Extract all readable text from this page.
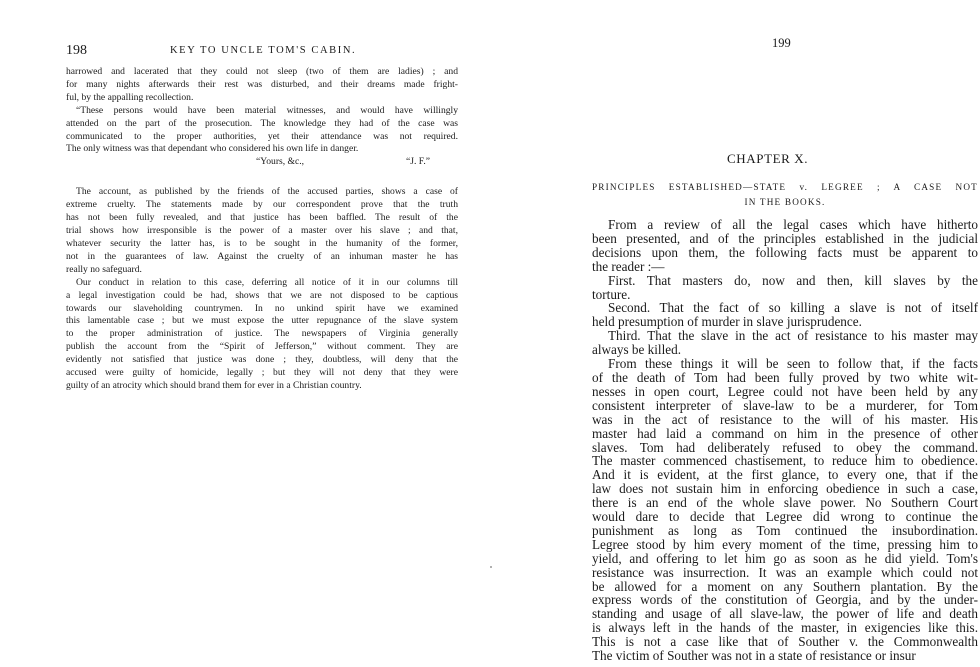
198	KEY TO UNCLE TOM'S CABIN.
harrowed and lacerated that they could not sleep (two of them are ladies) ; and
for many nights afterwards their rest was disturbed, and their dreams made fright-
ful, by the appalling recollection.
“These persons would have been material witnesses, and would have willingly
attended on the part of the prosecution. The knowledge they had of the case was
communicated to the proper authorities, yet their attendance was not required.
The only witness was that dependant who considered his own life in danger.
“Yours, &c.,	“J. F.”
The account, as published by the friends of the accused parties, shows a case of
extreme cruelty. The statements made by our correspondent prove that the truth
has not been fully revealed, and that justice has been baffled. The result of the
trial shows how irresponsible is the power of a master over his slave ; and that,
whatever security the latter has, is to be sought in the humanity of the former,
not in the guarantees of law. Against the cruelty of an inhuman master he has
really no safeguard.
Our conduct in relation to this case, deferring all notice of it in our columns till
a legal investigation could be had, shows that we are not disposed to be captious
towards our slaveholding countrymen. In no unkind spirit have we examined
this lamentable case ; but we must expose the utter repugnance of the slave system
to the proper administration of justice. The newspapers of Virginia generally
publish the account from the “Spirit of Jefferson,” without comment. They are
evidently not satisfied that justice was done ; they, doubtless, will deny that the
accused were guilty of homicide, legally ; but they will not deny that they were
guilty of an atrocity which should brand them for ever in a Christian country.
199
CHAPTER X.
PRINCIPLES ESTABLISHED—STATE v. LEGREE ; A CASE NOT
IN THE BOOKS.
From a review of all the legal cases which have hitherto
been presented, and of the principles established in the judicial
decisions upon them, the following facts must be apparent to
the reader :—
First. That masters do, now and then, kill slaves by the
torture.
Second. That the fact of so killing a slave is not of itself
held presumption of murder in slave jurisprudence.
Third. That the slave in the act of resistance to his master may
always be killed.
From these things it will be seen to follow that, if the facts
of the death of Tom had been fully proved by two white wit-
nesses in open court, Legree could not have been held by any
consistent interpreter of slave-law to be a murderer, for Tom
was in the act of resistance to the will of his master. His
master had laid a command on him in the presence of other
slaves. Tom had deliberately refused to obey the command.
The master commenced chastisement, to reduce him to obedience.
And it is evident, at the first glance, to every one, that if the
law does not sustain him in enforcing obedience in such a case,
there is an end of the whole slave power. No Southern Court
would dare to decide that Legree did wrong to continue the
punishment as long as Tom continued the insubordination.
Legree stood by him every moment of the time, pressing him to
yield, and offering to let him go as soon as he did yield. Tom's
resistance was insurrection. It was an example which could not
be allowed for a moment on any Southern plantation. By the
express words of the constitution of Georgia, and by the under-
standing and usage of all slave-law, the power of life and death
is always left in the hands of the master, in exigencies like this.
This is not a case like that of Souther v. the Commonwealth
The victim of Souther was not in a state of resistance or insur
